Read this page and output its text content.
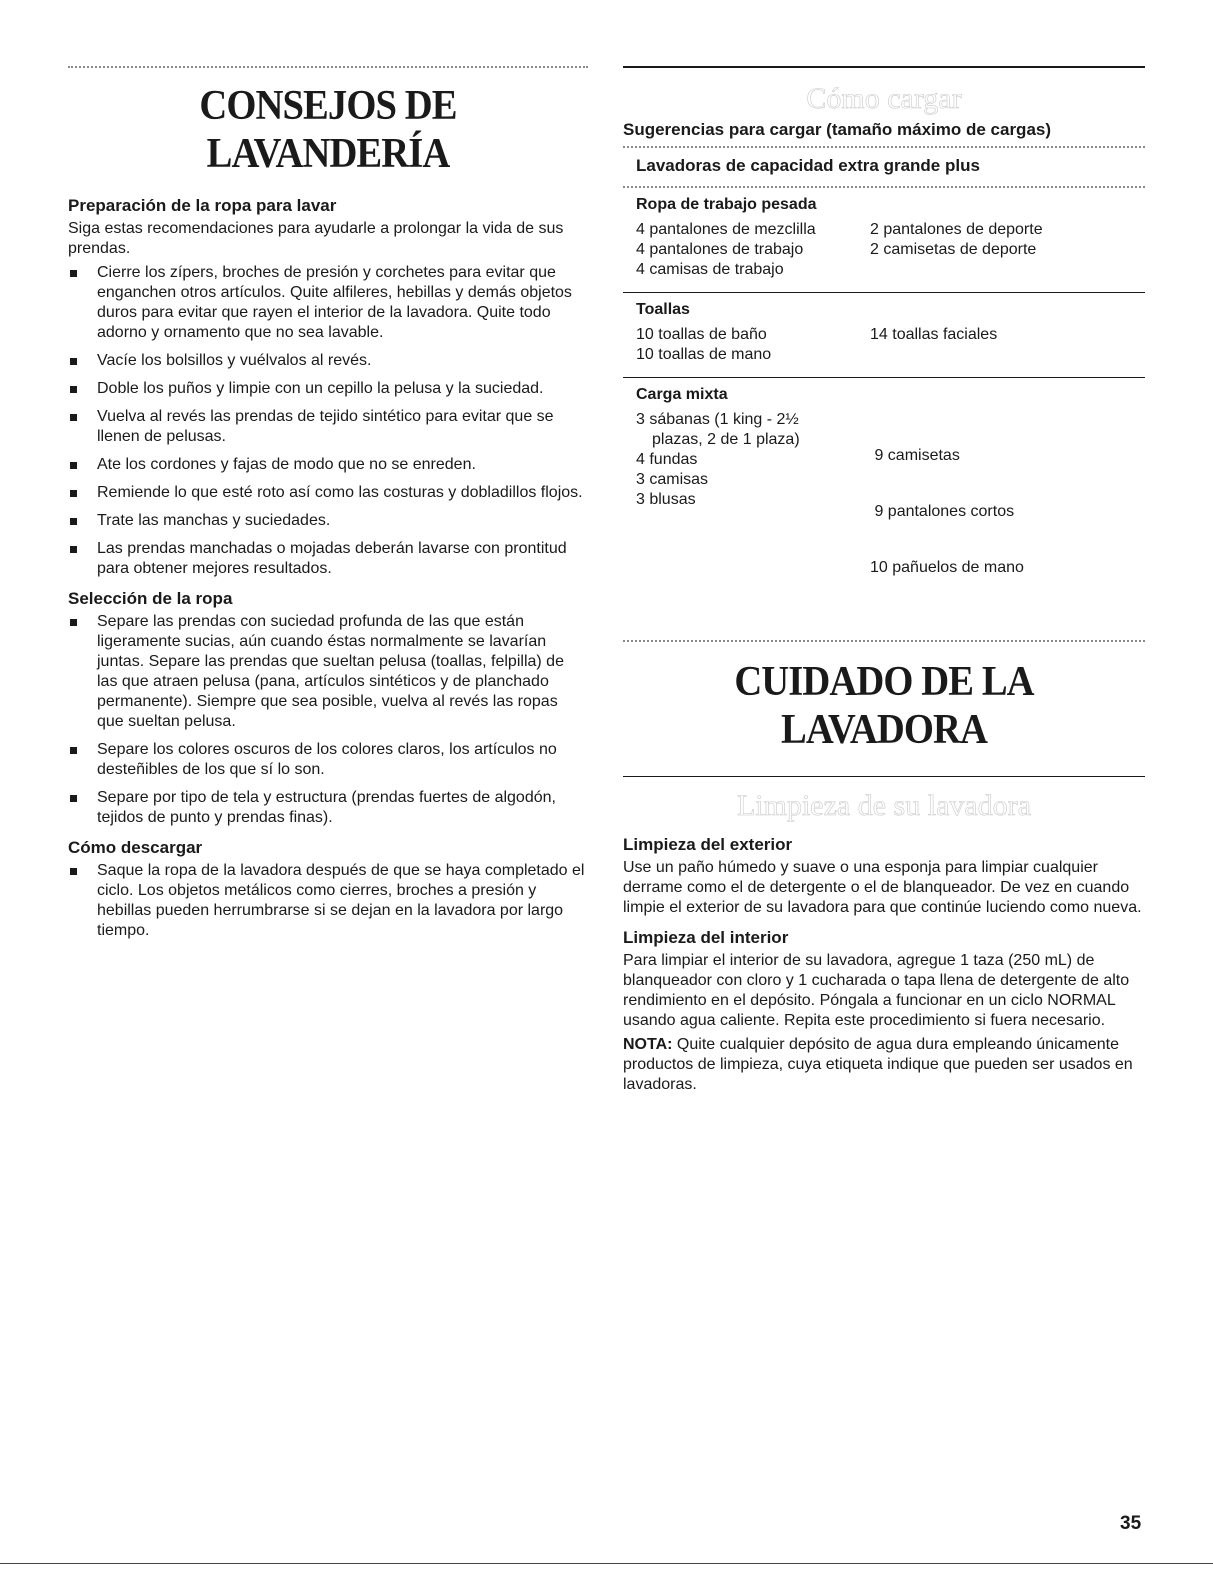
CONSEJOS DE LAVANDERÍA
Preparación de la ropa para lavar

Siga estas recomendaciones para ayudarle a prolongar la vida de sus prendas.

Cierre los zípers, broches de presión y corchetes para evitar que enganchen otros artículos. Quite alfileres, hebillas y demás objetos duros para evitar que rayen el interior de la lavadora. Quite todo adorno y ornamento que no sea lavable.
Vacíe los bolsillos y vuélvalos al revés.
Doble los puños y limpie con un cepillo la pelusa y la suciedad.
Vuelva al revés las prendas de tejido sintético para evitar que se llenen de pelusas.
Ate los cordones y fajas de modo que no se enreden.
Remiende lo que esté roto así como las costuras y dobladillos flojos.
Trate las manchas y suciedades.
Las prendas manchadas o mojadas deberán lavarse con prontitud para obtener mejores resultados.
Selección de la ropa
Separe las prendas con suciedad profunda de las que están ligeramente sucias, aún cuando éstas normalmente se lavarían juntas. Separe las prendas que sueltan pelusa (toallas, felpilla) de las que atraen pelusa (pana, artículos sintéticos y de planchado permanente). Siempre que sea posible, vuelva al revés las ropas que sueltan pelusa.
Separe los colores oscuros de los colores claros, los artículos no desteñibles de los que sí lo son.
Separe por tipo de tela y estructura (prendas fuertes de algodón, tejidos de punto y prendas finas).
Cómo descargar
Saque la ropa de la lavadora después de que se haya completado el ciclo. Los objetos metálicos como cierres, broches a presión y hebillas pueden herrumbrarse si se dejan en la lavadora por largo tiempo.
Cómo cargar
Sugerencias para cargar (tamaño máximo de cargas)
Lavadoras de capacidad extra grande plus
Ropa de trabajo pesada
4 pantalones de mezclilla
4 pantalones de trabajo
4 camisas de trabajo
2 pantalones de deporte
2 camisetas de deporte
Toallas
10 toallas de baño
10 toallas de mano
14 toallas faciales
Carga mixta
3 sábanas (1 king - 2½
plazas, 2 de 1 plaza)
4 fundas
3 camisas
3 blusas

9 camisetas

9 pantalones cortos

10 pañuelos de mano

CUIDADO DE LA LAVADORA
Limpieza de su lavadora
Limpieza del exterior

Use un paño húmedo y suave o una esponja para limpiar cualquier derrame como el de detergente o el de blanqueador. De vez en cuando limpie el exterior de su lavadora para que continúe luciendo como nueva.

Limpieza del interior

Para limpiar el interior de su lavadora, agregue 1 taza (250 mL) de blanqueador con cloro y 1 cucharada o tapa llena de detergente de alto rendimiento en el depósito. Póngala a funcionar en un ciclo NORMAL usando agua caliente. Repita este procedimiento si fuera necesario.

NOTA: Quite cualquier depósito de agua dura empleando únicamente productos de limpieza, cuya etiqueta indique que pueden ser usados en lavadoras.

35
